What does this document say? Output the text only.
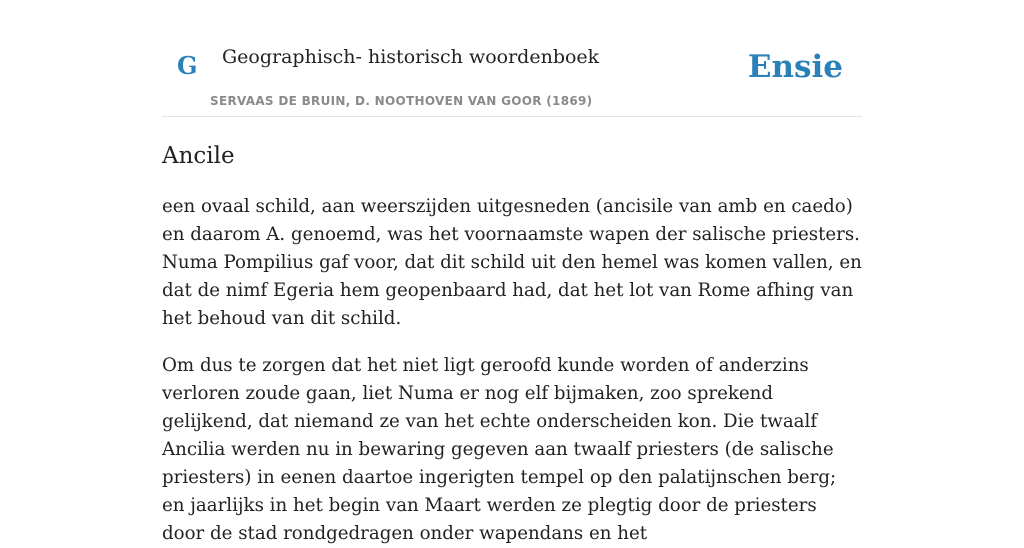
G Geographisch- historisch woordenboek
SERVAAS DE BRUIN, D. NOOTHOVEN VAN GOOR (1869)
Ensie
Ancile

een ovaal schild, aan weerszijden uitgesneden (ancisile van amb en caedo) en daarom A. genoemd, was het voornaamste wapen der salische priesters. Numa Pompilius gaf voor, dat dit schild uit den hemel was komen vallen, en dat de nimf Egeria hem geopenbaard had, dat het lot van Rome afhing van het behoud van dit schild.

Om dus te zorgen dat het niet ligt geroofd kunde worden of anderzins verloren zoude gaan, liet Numa er nog elf bijmaken, zoo sprekend gelijkend, dat niemand ze van het echte onderscheiden kon. Die twaalf Ancilia werden nu in bewaring gegeven aan twaalf priesters (de salische priesters) in eenen daartoe ingerigten tempel op den palatijnschen berg; en jaarlijks in het begin van Maart werden ze plegtig door de priesters door de stad rondgedragen onder wapendans en het
